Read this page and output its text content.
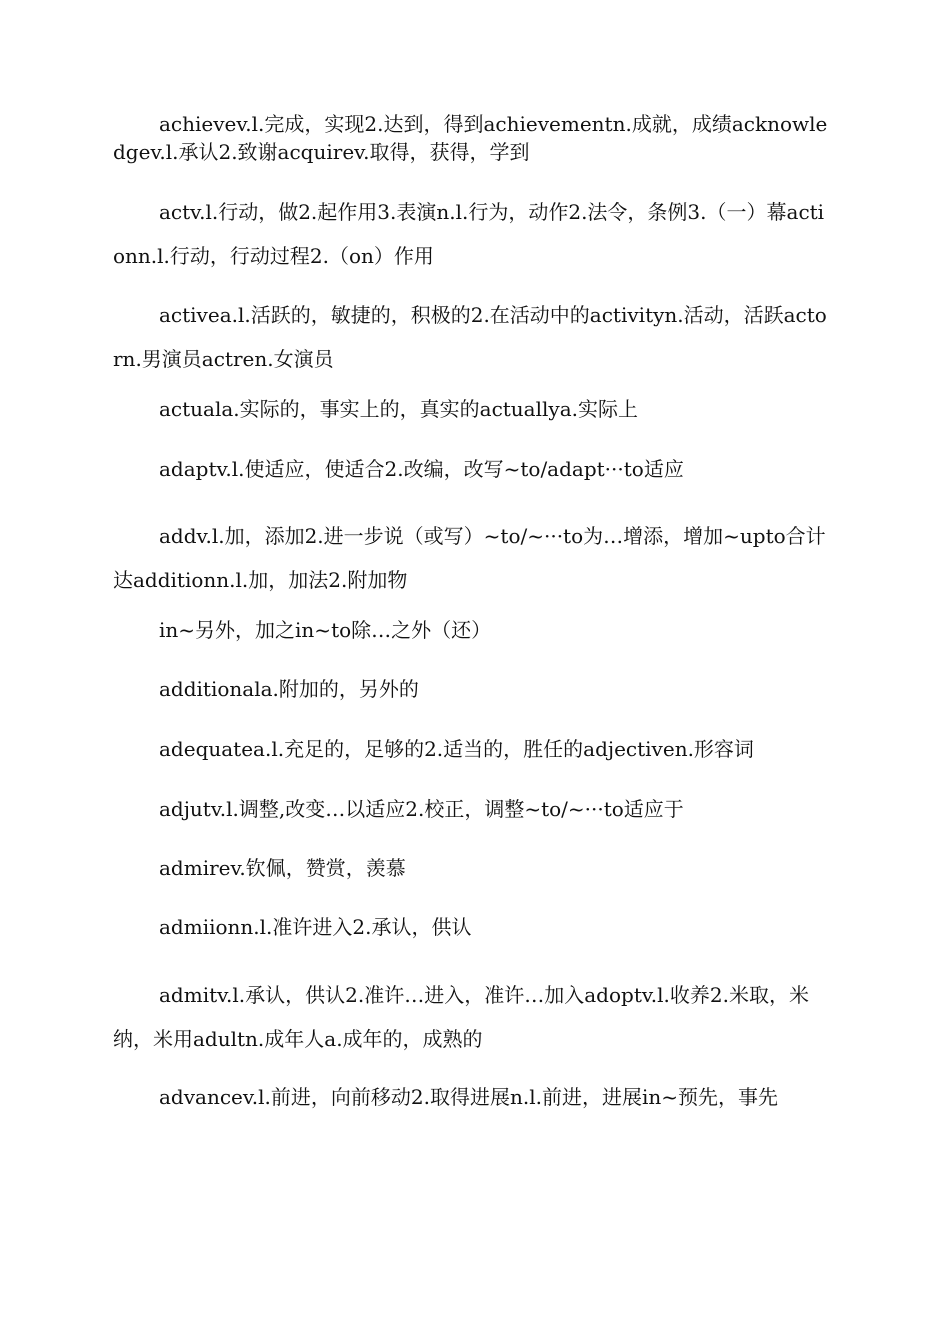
achievev.l.完成，实现2.达到，得到achievementn.成就，成绩acknowledgev.l.承认2.致谢acquirev.取得，获得，学到
actv.l.行动，做2.起作用3.表演n.l.行为，动作2.法令，条例3.（一）幕actionn.l.行动，行动过程2.（on）作用
activea.l.活跃的，敏捷的，积极的2.在活动中的activityn.活动，活跃actorn.男演员actren.女演员
actuala.实际的，事实上的，真实的actuallya.实际上
adaptv.l.使适应，使适合2.改编，改写~to/adapt···to适应
addv.l.加，添加2.进一步说（或写）~to/~···to为…增添，增加~upto合计达additionn.l.加，加法2.附加物
in~另外，加之in~to除…之外（还）
additionala.附加的，另外的
adequatea.l.充足的，足够的2.适当的，胜任的adjectiven.形容词
adjutv.l.调整,改变…以适应2.校正，调整~to/~···to适应于
admirev.钦佩，赞赏，羡慕
admiionn.l.准许进入2.承认，供认
admitv.l.承认，供认2.准许…进入，准许…加入adoptv.l.收养2.米取，米纳，米用adultn.成年人a.成年的，成熟的
advancev.l.前进，向前移动2.取得进展n.l.前进，进展in~预先，事先
